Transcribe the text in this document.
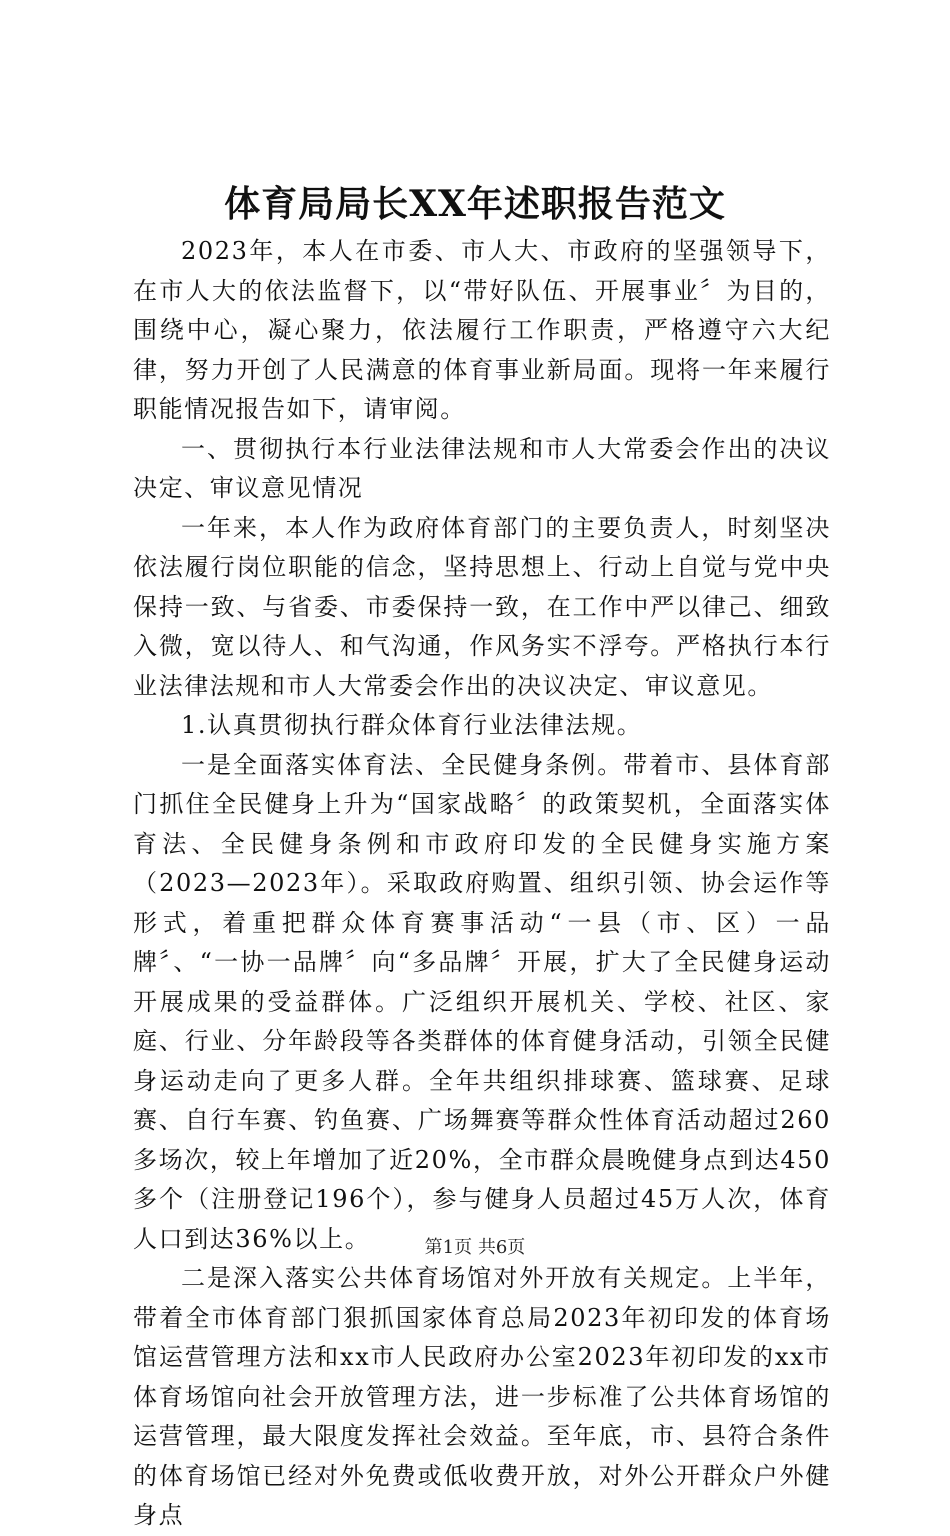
体育局局长XX年述职报告范文

2023年，本人在市委、市人大、市政府的坚强领导下，在市人大的依法监督下，以“带好队伍、开展事业〞为目的，围绕中心，凝心聚力，依法履行工作职责，严格遵守六大纪律，努力开创了人民满意的体育事业新局面。现将一年来履行职能情况报告如下，请审阅。

一、贯彻执行本行业法律法规和市人大常委会作出的决议决定、审议意见情况

一年来，本人作为政府体育部门的主要负责人，时刻坚决依法履行岗位职能的信念，坚持思想上、行动上自觉与党中央保持一致、与省委、市委保持一致，在工作中严以律己、细致入微，宽以待人、和气沟通，作风务实不浮夸。严格执行本行业法律法规和市人大常委会作出的决议决定、审议意见。

1.认真贯彻执行群众体育行业法律法规。

一是全面落实体育法、全民健身条例。带着市、县体育部门抓住全民健身上升为“国家战略〞的政策契机，全面落实体育法、全民健身条例和市政府印发的全民健身实施方案（2023—2023年）。采取政府购置、组织引领、协会运作等形式，着重把群众体育赛事活动“一县（市、区）一品牌〞、“一协一品牌〞向“多品牌〞开展，扩大了全民健身运动开展成果的受益群体。广泛组织开展机关、学校、社区、家庭、行业、分年龄段等各类群体的体育健身活动，引领全民健身运动走向了更多人群。全年共组织排球赛、篮球赛、足球赛、自行车赛、钓鱼赛、广场舞赛等群众性体育活动超过260多场次，较上年增加了近20%，全市群众晨晚健身点到达450多个（注册登记196个），参与健身人员超过45万人次，体育人口到达36%以上。

二是深入落实公共体育场馆对外开放有关规定。上半年，带着全市体育部门狠抓国家体育总局2023年初印发的体育场馆运营管理方法和xx市人民政府办公室2023年初印发的xx市体育场馆向社会开放管理方法，进一步标准了公共体育场馆的运营管理，最大限度发挥社会效益。至年底，市、县符合条件的体育场馆已经对外免费或低收费开放，对外公开群众户外健身点

第1页 共6页
